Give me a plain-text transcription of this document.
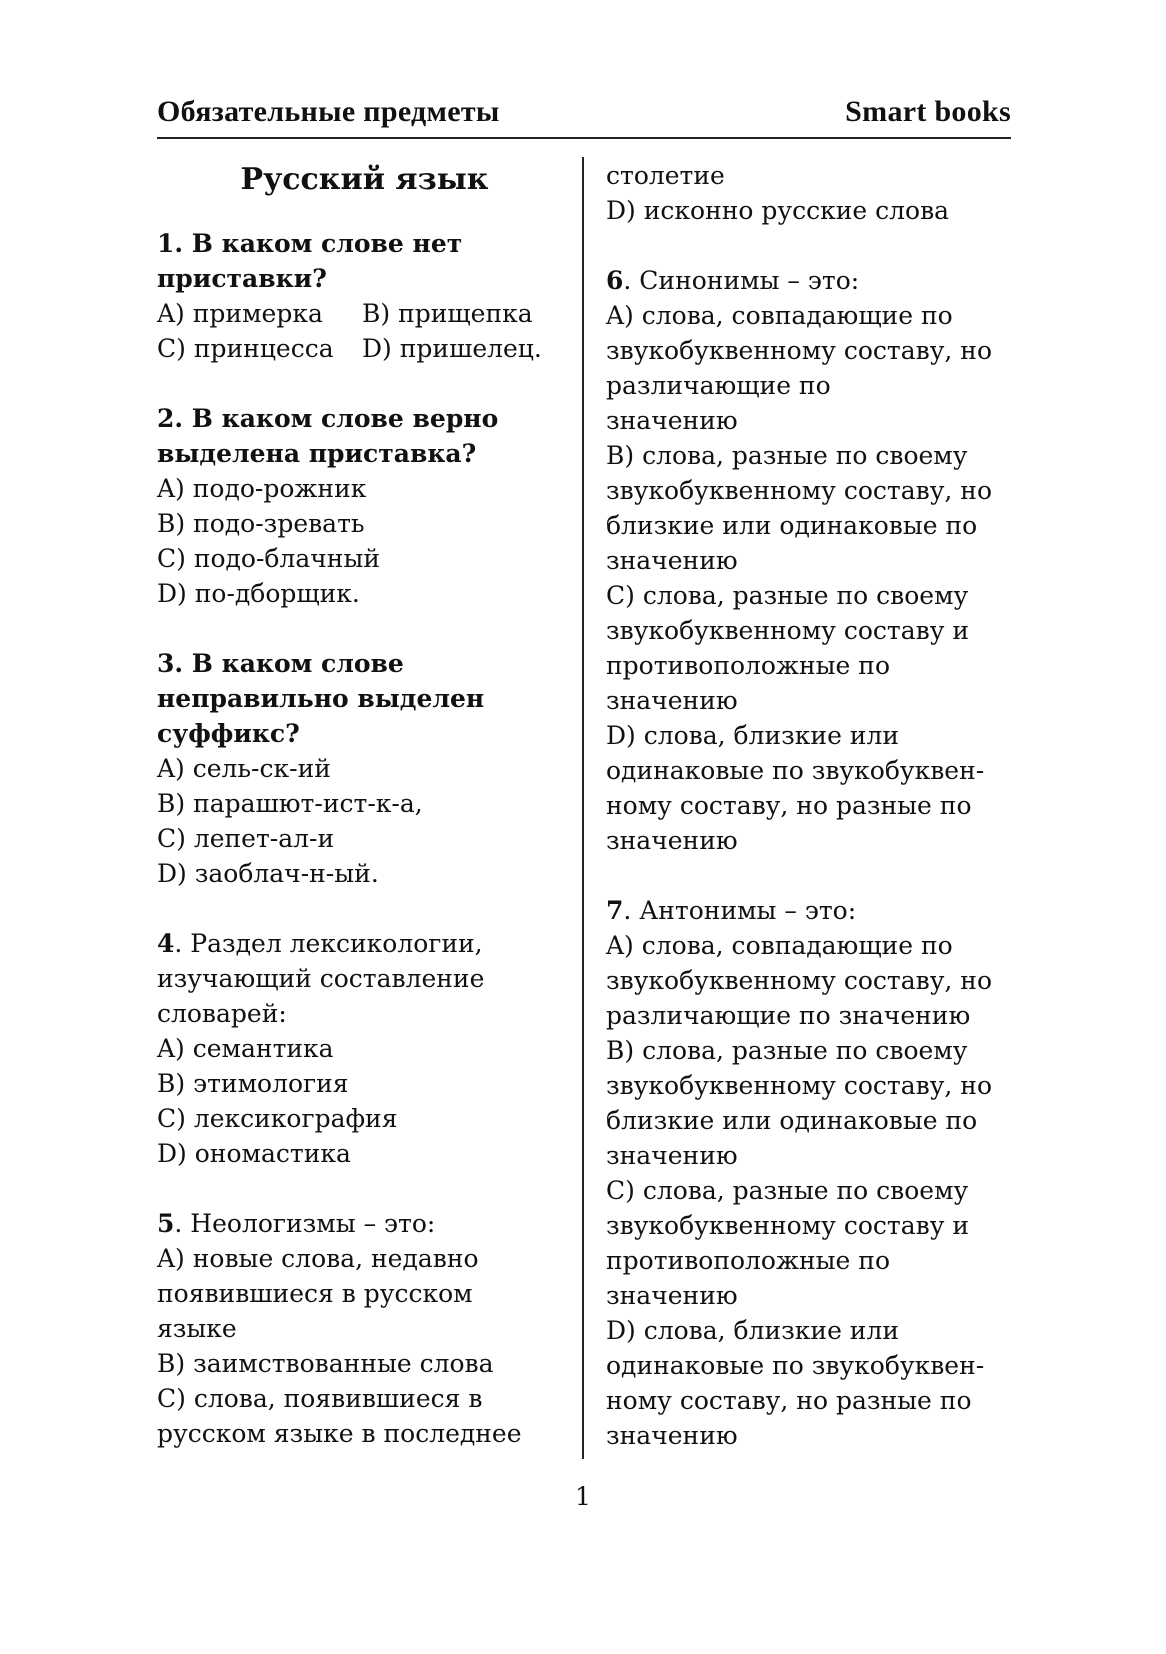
Обязательные предметы	Smart books
Русский язык
1. В каком слове нет
приставки?
A) примерка B) прищепка
C) принцесса D) пришелец.
2. В каком слове верно
выделена приставка?
A) подо-рожник
B) подо-зревать
C) подо-блачный
D) по-дборщик.
3. В каком слове
неправильно выделен
суффикс?
A) сель-ск-ий
B) парашют-ист-к-а,
C) лепет-ал-и
D) заоблач-н-ый.
4. Раздел лексикологии,
изучающий составление
словарей:
A) семантика
B) этимология
C) лексикография
D) ономастика
5. Неологизмы – это:
A) новые слова, недавно
появившиеся в русском
языке
B) заимствованные слова
C) слова, появившиеся в
русском языке в последнее
столетие
D) исконно русские слова
6. Синонимы – это:
A) слова, совпадающие по
звукобуквенному составу, но
различающие по
значению
B) слова, разные по своему
звукобуквенному составу, но
близкие или одинаковые по
значению
C) слова, разные по своему
звукобуквенному составу и
противоположные по
значению
D) слова, близкие или
одинаковые по звукобуквен-
ному составу, но разные по
значению
7. Антонимы – это:
A) слова, совпадающие по
звукобуквенному составу, но
различающие по значению
B) слова, разные по своему
звукобуквенному составу, но
близкие или одинаковые по
значению
C) слова, разные по своему
звукобуквенному составу и
противоположные по
значению
D) слова, близкие или
одинаковые по звукобуквен-
ному составу, но разные по
значению
1
